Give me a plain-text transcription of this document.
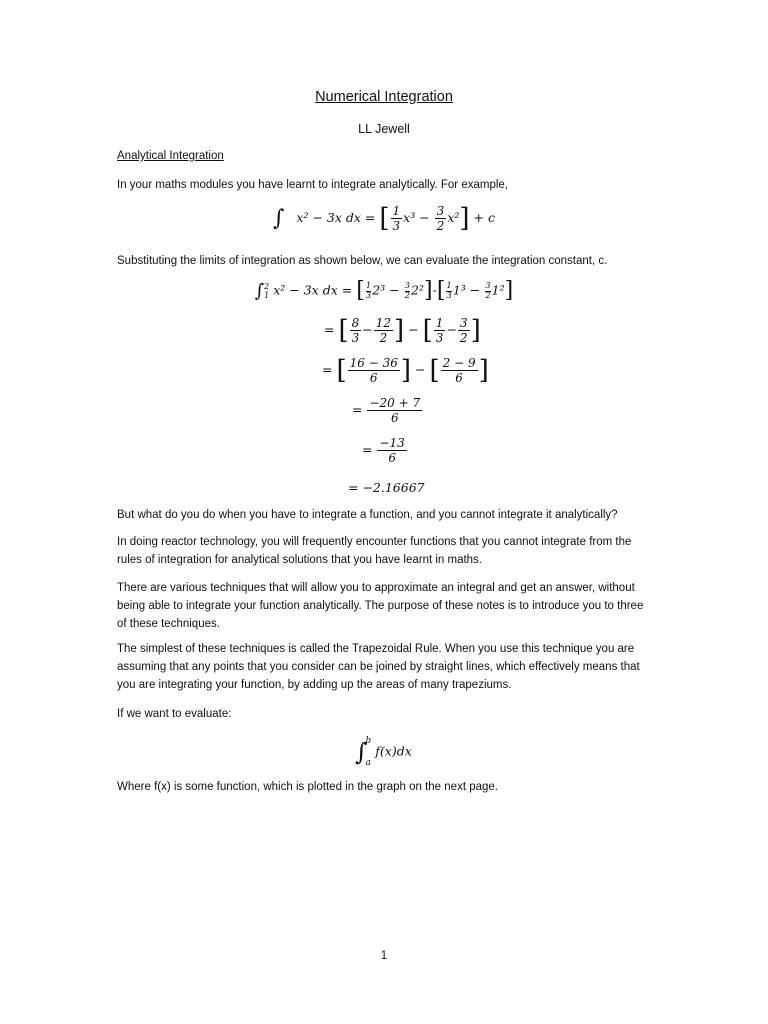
Numerical Integration
LL Jewell
Analytical Integration
In your maths modules you have learnt to integrate analytically. For example,
∫ x² − 3x dx = [ $\frac{1}{3} x^3 - \frac{3}{2} x^2] + c$
Substituting the limits of integration as shown below, we can evaluate the integration constant, c.
∫ 2
1 x² − 3x dx = [ $\frac{1}{3} 2^3 - \frac{3}{2} 2^2]-[ \frac{1}{3} 1^3 - \frac{3}{2} 1^2]$
= [ $\frac{8}{3} - \frac{12}{2}$ ] − [ $\frac{1}{3} - \frac{3}{2}$ ]
= [ $\frac{16 - 36}{6}$ ] − [ $\frac{2 - 9}{6}$ ]
= $\frac{-20 + 7}{6}$
= $\frac{-13}{6}$
= −2.16667
But what do you do when you have to integrate a function, and you cannot integrate it analytically?
In doing reactor technology, you will frequently encounter functions that you cannot integrate from the rules of integration for analytical solutions that you have learnt in maths.
There are various techniques that will allow you to approximate an integral and get an answer, without being able to integrate your function analytically. The purpose of these notes is to introduce you to three of these techniques.
The simplest of these techniques is called the Trapezoidal Rule. When you use this technique you are assuming that any points that you consider can be joined by straight lines, which effectively means that you are integrating your function, by adding up the areas of many trapeziums.
If we want to evaluate:
∫
b
a
f(x)dx
Where f(x) is some function, which is plotted in the graph on the next page.
1
